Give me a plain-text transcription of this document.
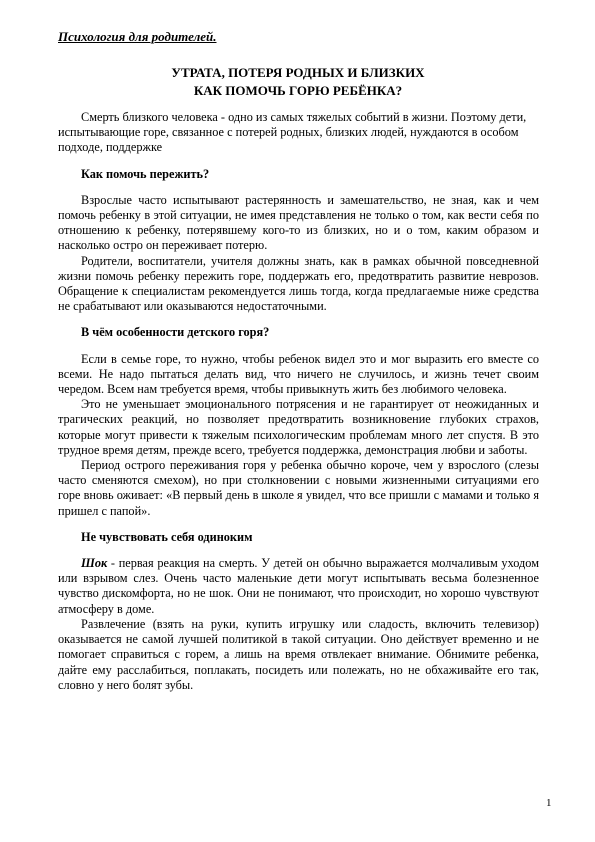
Психология для родителей.
УТРАТА, ПОТЕРЯ РОДНЫХ И БЛИЗКИХ
КАК ПОМОЧЬ ГОРЮ РЕБЁНКА?

Смерть близкого человека - одно из самых тяжелых событий в жизни. Поэтому дети, испытывающие горе, связанное с потерей родных, близких людей, нуждаются в особом подходе, поддержке

Как помочь пережить?

Взрослые часто испытывают растерянность и замешательство, не зная, как и чем помочь ребенку в этой ситуации, не имея представления не только о том, как вести себя по отношению к ребенку, потерявшему кого-то из близких, но и о том, каким образом и насколько остро он переживает потерю.

Родители, воспитатели, учителя должны знать, как в рамках обычной повседневной жизни помочь ребенку пережить горе, поддержать его, предотвратить развитие неврозов. Обращение к специалистам рекомендуется лишь тогда, когда предлагаемые ниже средства не срабатывают или оказываются недостаточными.

В чём особенности детского горя?

Если в семье горе, то нужно, чтобы ребенок видел это и мог выразить его вместе со всеми. Не надо пытаться делать вид, что ничего не случилось, и жизнь течет своим чередом. Всем нам требуется время, чтобы привыкнуть жить без любимого человека.

Это не уменьшает эмоционального потрясения и не гарантирует от неожиданных и трагических реакций, но позволяет предотвратить возникновение глубоких страхов, которые могут привести к тяжелым психологическим проблемам много лет спустя. В это трудное время детям, прежде всего, требуется поддержка, демонстрация любви и заботы.

Период острого переживания горя у ребенка обычно короче, чем у взрослого (слезы часто сменяются смехом), но при столкновении с новыми жизненными ситуациями его горе вновь оживает: «В первый день в школе я увидел, что все пришли с мамами и только я пришел с папой».

Не чувствовать себя одиноким

Шок - первая реакция на смерть. У детей он обычно выражается молчаливым уходом или взрывом слез. Очень часто маленькие дети могут испытывать весьма болезненное чувство дискомфорта, но не шок. Они не понимают, что происходит, но хорошо чувствуют атмосферу в доме.

Развлечение (взять на руки, купить игрушку или сладость, включить телевизор) оказывается не самой лучшей политикой в такой ситуации. Оно действует временно и не помогает справиться с горем, а лишь на время отвлекает внимание. Обнимите ребенка, дайте ему расслабиться, поплакать, посидеть или полежать, но не обхаживайте его так, словно у него болят зубы.

1
